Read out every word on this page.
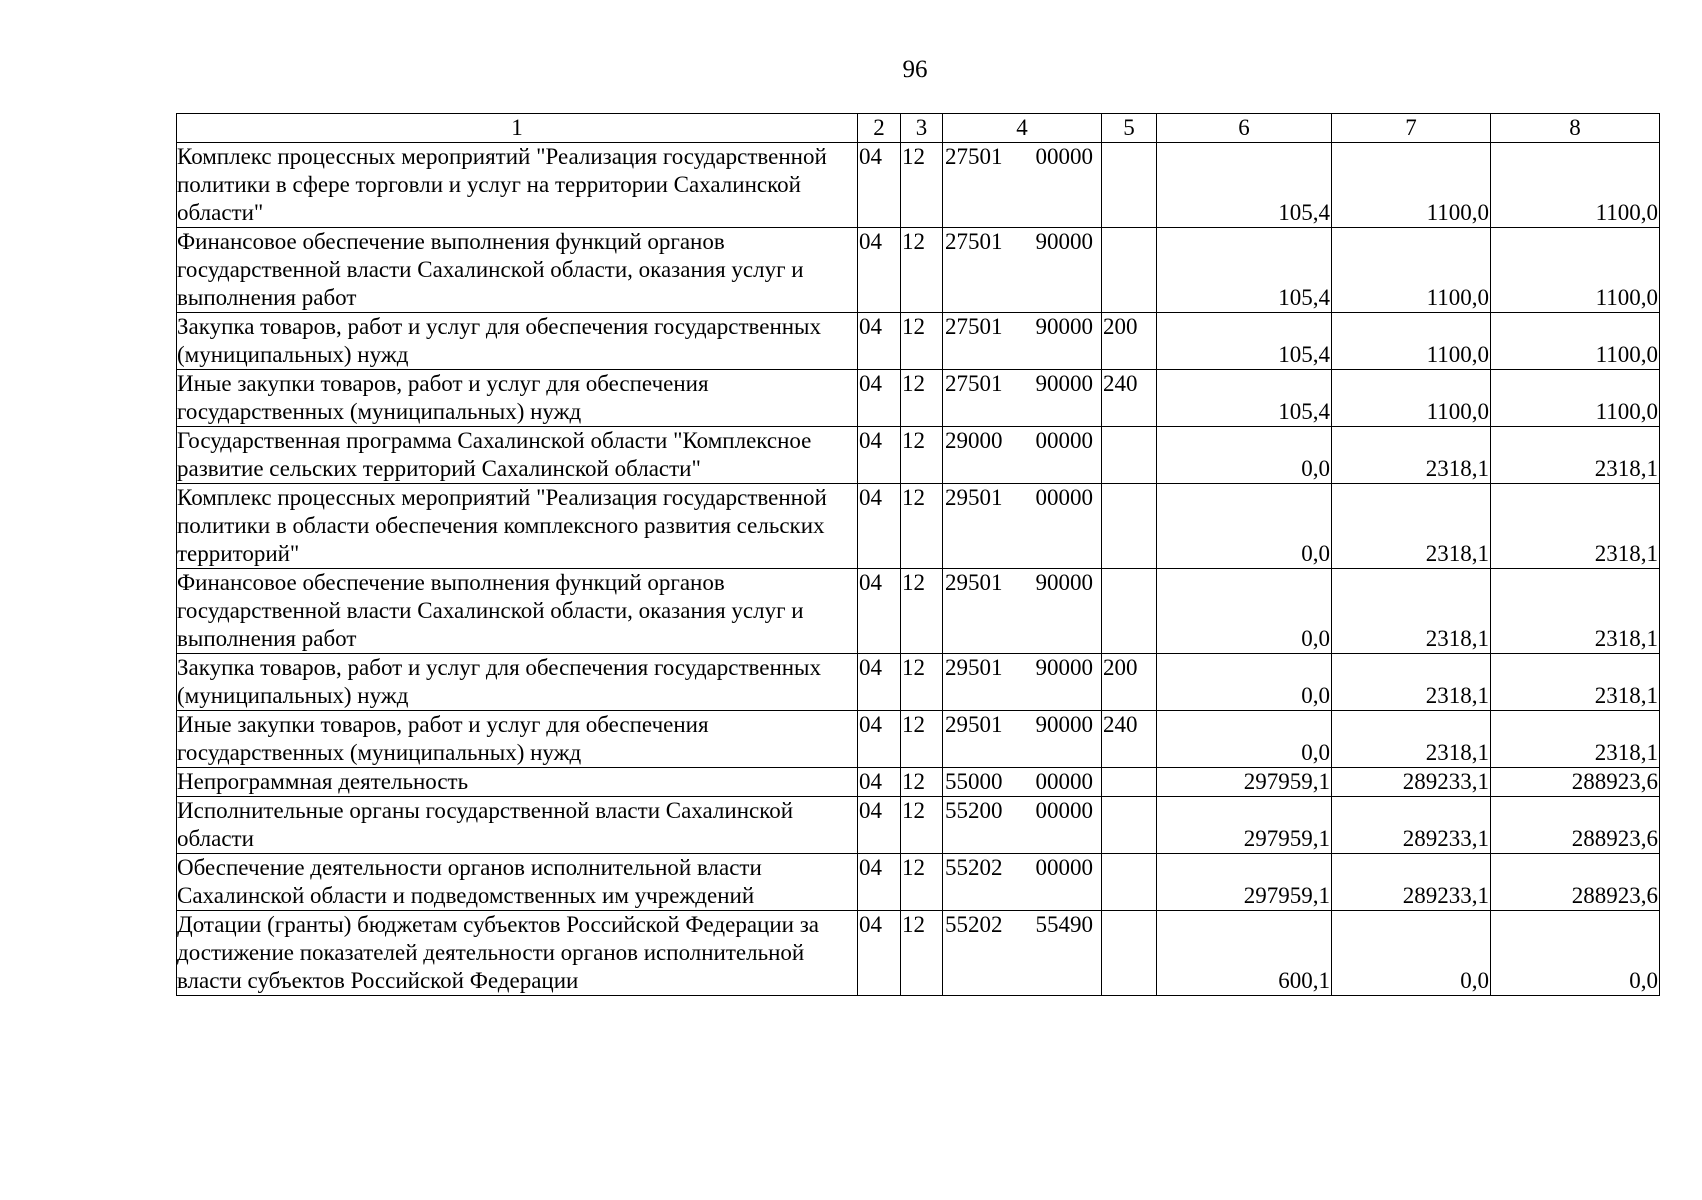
96
1	2	3	4	5	6	7	8
Комплекс процессных мероприятий "Реализация государственной политики в сфере торговли и услуг на территории Сахалинской области"	04	12	27501 00000		105,4	1100,0	1100,0
Финансовое обеспечение выполнения функций органов государственной власти Сахалинской области, оказания услуг и выполнения работ	04	12	27501 90000		105,4	1100,0	1100,0
Закупка товаров, работ и услуг для обеспечения государственных (муниципальных) нужд	04	12	27501 90000	200	105,4	1100,0	1100,0
Иные закупки товаров, работ и услуг для обеспечения государственных (муниципальных) нужд	04	12	27501 90000	240	105,4	1100,0	1100,0
Государственная программа Сахалинской области "Комплексное развитие сельских территорий Сахалинской области"	04	12	29000 00000		0,0	2318,1	2318,1
Комплекс процессных мероприятий "Реализация государственной политики в области обеспечения комплексного развития сельских территорий"	04	12	29501 00000		0,0	2318,1	2318,1
Финансовое обеспечение выполнения функций органов государственной власти Сахалинской области, оказания услуг и выполнения работ	04	12	29501 90000		0,0	2318,1	2318,1
Закупка товаров, работ и услуг для обеспечения государственных (муниципальных) нужд	04	12	29501 90000	200	0,0	2318,1	2318,1
Иные закупки товаров, работ и услуг для обеспечения государственных (муниципальных) нужд	04	12	29501 90000	240	0,0	2318,1	2318,1
Непрограммная деятельность	04	12	55000 00000		297959,1	289233,1	288923,6
Исполнительные органы государственной власти Сахалинской области	04	12	55200 00000		297959,1	289233,1	288923,6
Обеспечение деятельности органов исполнительной власти Сахалинской области и подведомственных им учреждений	04	12	55202 00000		297959,1	289233,1	288923,6
Дотации (гранты) бюджетам субъектов Российской Федерации за достижение показателей деятельности органов исполнительной власти субъектов Российской Федерации	04	12	55202 55490		600,1	0,0	0,0
